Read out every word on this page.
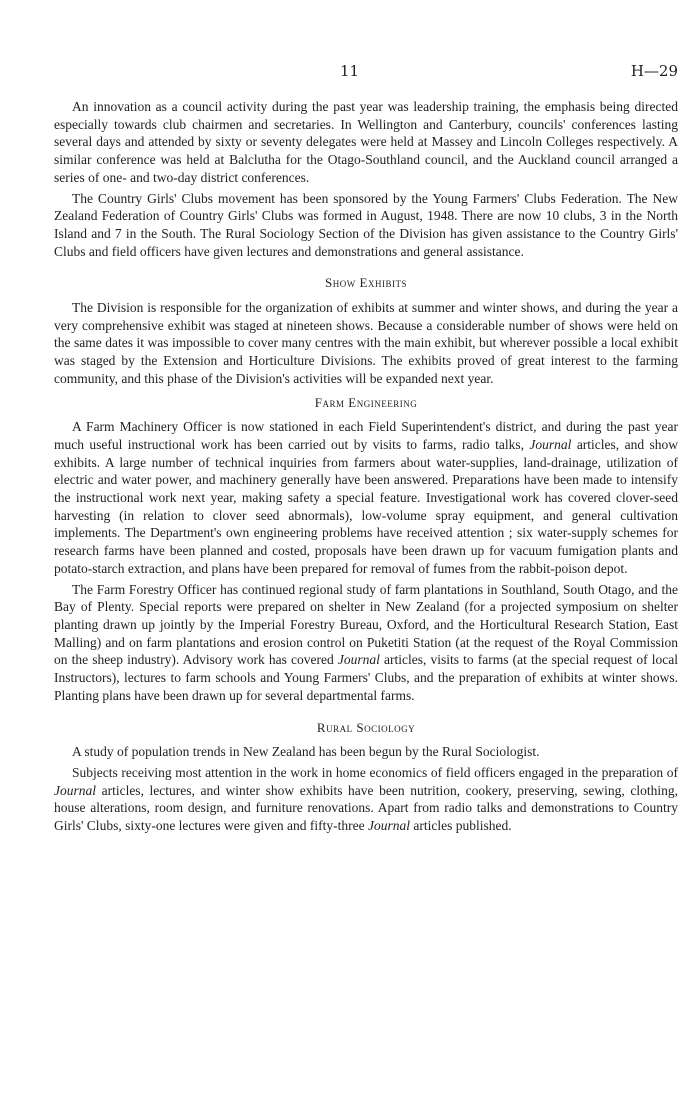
11	H—29

An innovation as a council activity during the past year was leadership training, the emphasis being directed especially towards club chairmen and secretaries. In Wellington and Canterbury, councils' conferences lasting several days and attended by sixty or seventy delegates were held at Massey and Lincoln Colleges respectively. A similar conference was held at Balclutha for the Otago-Southland council, and the Auckland council arranged a series of one- and two-day district conferences.

The Country Girls' Clubs movement has been sponsored by the Young Farmers' Clubs Federation. The New Zealand Federation of Country Girls' Clubs was formed in August, 1948. There are now 10 clubs, 3 in the North Island and 7 in the South. The Rural Sociology Section of the Division has given assistance to the Country Girls' Clubs and field officers have given lectures and demonstrations and general assistance.

Show Exhibits

The Division is responsible for the organization of exhibits at summer and winter shows, and during the year a very comprehensive exhibit was staged at nineteen shows. Because a considerable number of shows were held on the same dates it was impossible to cover many centres with the main exhibit, but wherever possible a local exhibit was staged by the Extension and Horticulture Divisions. The exhibits proved of great interest to the farming community, and this phase of the Division's activities will be expanded next year.

Farm Engineering

A Farm Machinery Officer is now stationed in each Field Superintendent's district, and during the past year much useful instructional work has been carried out by visits to farms, radio talks, Journal articles, and show exhibits. A large number of technical inquiries from farmers about water-supplies, land-drainage, utilization of electric and water power, and machinery generally have been answered. Preparations have been made to intensify the instructional work next year, making safety a special feature. Investigational work has covered clover-seed harvesting (in relation to clover seed abnormals), low-volume spray equipment, and general cultivation implements. The Department's own engineering problems have received attention ; six water-supply schemes for research farms have been planned and costed, proposals have been drawn up for vacuum fumigation plants and potato-starch extraction, and plans have been prepared for removal of fumes from the rabbit-poison depot.

The Farm Forestry Officer has continued regional study of farm plantations in Southland, South Otago, and the Bay of Plenty. Special reports were prepared on shelter in New Zealand (for a projected symposium on shelter planting drawn up jointly by the Imperial Forestry Bureau, Oxford, and the Horticultural Research Station, East Malling) and on farm plantations and erosion control on Puketiti Station (at the request of the Royal Commission on the sheep industry). Advisory work has covered Journal articles, visits to farms (at the special request of local Instructors), lectures to farm schools and Young Farmers' Clubs, and the preparation of exhibits at winter shows. Planting plans have been drawn up for several departmental farms.

Rural Sociology

A study of population trends in New Zealand has been begun by the Rural Sociologist.

Subjects receiving most attention in the work in home economics of field officers engaged in the preparation of Journal articles, lectures, and winter show exhibits have been nutrition, cookery, preserving, sewing, clothing, house alterations, room design, and furniture renovations. Apart from radio talks and demonstrations to Country Girls' Clubs, sixty-one lectures were given and fifty-three Journal articles published.
